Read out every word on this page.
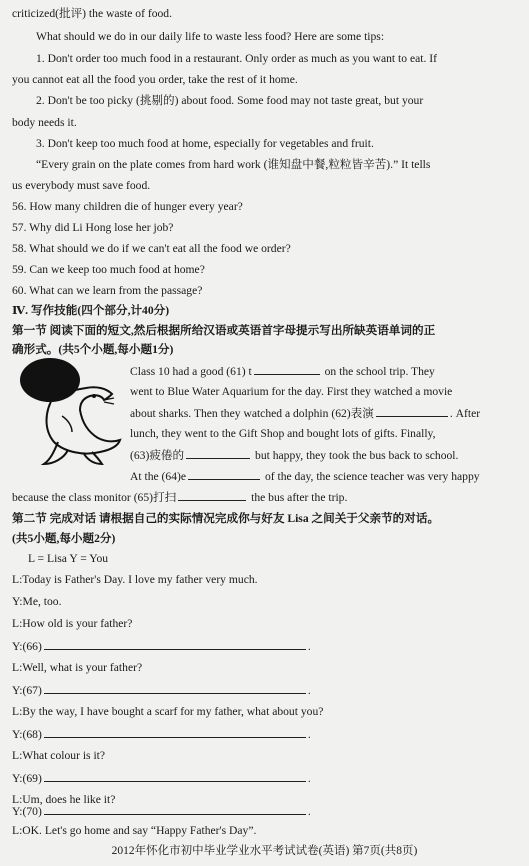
criticized(批评) the waste of food.
What should we do in our daily life to waste less food? Here are some tips:
1. Don't order too much food in a restaurant. Only order as much as you want to eat. If
you cannot eat all the food you order, take the rest of it home.
2. Don't be too picky (挑剔的) about food. Some food may not taste great, but your
body needs it.
3. Don't keep too much food at home, especially for vegetables and fruit.
“Every grain on the plate comes from hard work (谁知盘中餐,粒粒皆辛苦).” It tells
us everybody must save food.
56. How many children die of hunger every year?
57. Why did Li Hong lose her job?
58. What should we do if we can't eat all the food we order?
59. Can we keep too much food at home?
60. What can we learn from the passage?
Ⅳ. 写作技能(四个部分,计40分)
第一节 阅读下面的短文,然后根据所给汉语或英语首字母提示写出所缺英语单词的正
确形式。(共5个小题,每小题1分)
Class 10 had a good (61) t	on the school trip. They
went to Blue Water Aquarium for the day. First they watched a movie
about sharks. Then they watched a dolphin (62)表演	. After
lunch, they went to the Gift Shop and bought lots of gifts. Finally,
(63)疲倦的	but happy, they took the bus back to school.
At the (64)e	of the day, the science teacher was very happy
because the class monitor (65)打扫	the bus after the trip.
第二节 完成对话 请根据自己的实际情况完成你与好友 Lisa 之间关于父亲节的对话。
(共5小题,每小题2分)
L = Lisa Y = You
L:Today is Father's Day. I love my father very much.
Y:Me, too.
L:How old is your father?
Y:(66)	.
L:Well, what is your father?
Y:(67)	.
L:By the way, I have bought a scarf for my father, what about you?
Y:(68)	.
L:What colour is it?
Y:(69)	.
L:Um, does he like it?
Y:(70)	.
L:OK. Let's go home and say “Happy Father's Day”.
2012年怀化市初中毕业学业水平考试试卷(英语) 第7页(共8页)
